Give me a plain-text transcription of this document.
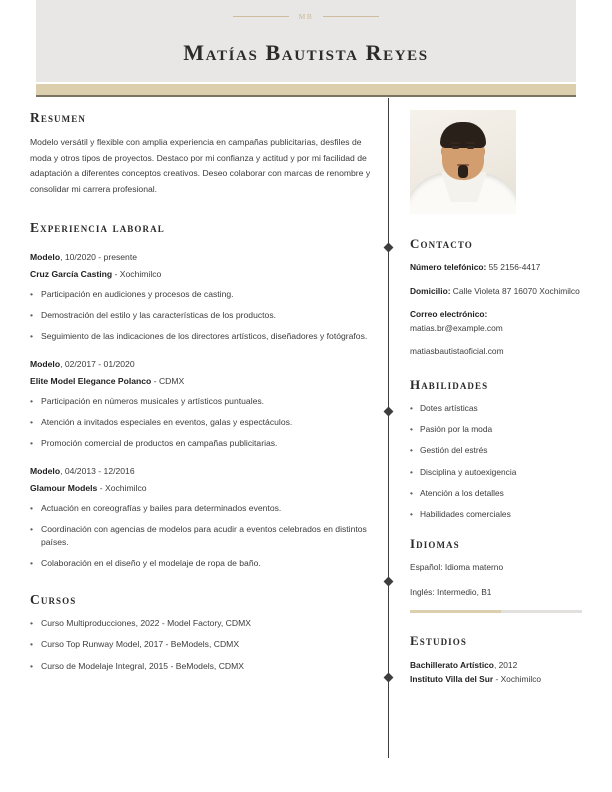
MB
Matías Bautista Reyes
Resumen

Modelo versátil y flexible con amplia experiencia en campañas publicitarias, desfiles de moda y otros tipos de proyectos. Destaco por mi confianza y actitud y por mi facilidad de adaptación a diferentes conceptos creativos. Deseo colaborar con marcas de renombre y consolidar mi carrera profesional.

Experiencia laboral

Modelo, 10/2020 - presente

Cruz García Casting - Xochimilco

• Participación en audiciones y procesos de casting.
• Demostración del estilo y las características de los productos.
• Seguimiento de las indicaciones de los directores artísticos, diseñadores y fotógrafos.

Modelo, 02/2017 - 01/2020

Elite Model Elegance Polanco - CDMX

• Participación en números musicales y artísticos puntuales.
• Atención a invitados especiales en eventos, galas y espectáculos.
• Promoción comercial de productos en campañas publicitarias.

Modelo, 04/2013 - 12/2016

Glamour Models - Xochimilco

• Actuación en coreografías y bailes para determinados eventos.
• Coordinación con agencias de modelos para acudir a eventos celebrados en distintos países.
• Colaboración en el diseño y el modelaje de ropa de baño.
Cursos
• Curso Multiproducciones, 2022 - Model Factory, CDMX
• Curso Top Runway Model, 2017 - BeModels, CDMX
• Curso de Modelaje Integral, 2015 - BeModels, CDMX
Contacto
Número telefónico: 55 2156-4417
Domicilio: Calle Violeta 87 16070 Xochimilco
Correo electrónico:
matias.br@example.com
matiasbautistaoficial.com
Habilidades
• Dotes artísticas
• Pasión por la moda
• Gestión del estrés
• Disciplina y autoexigencia
• Atención a los detalles
• Habilidades comerciales
Idiomas
Español: Idioma materno
Inglés: Intermedio, B1
Estudios
Bachillerato Artístico, 2012
Instituto Villa del Sur - Xochimilco
